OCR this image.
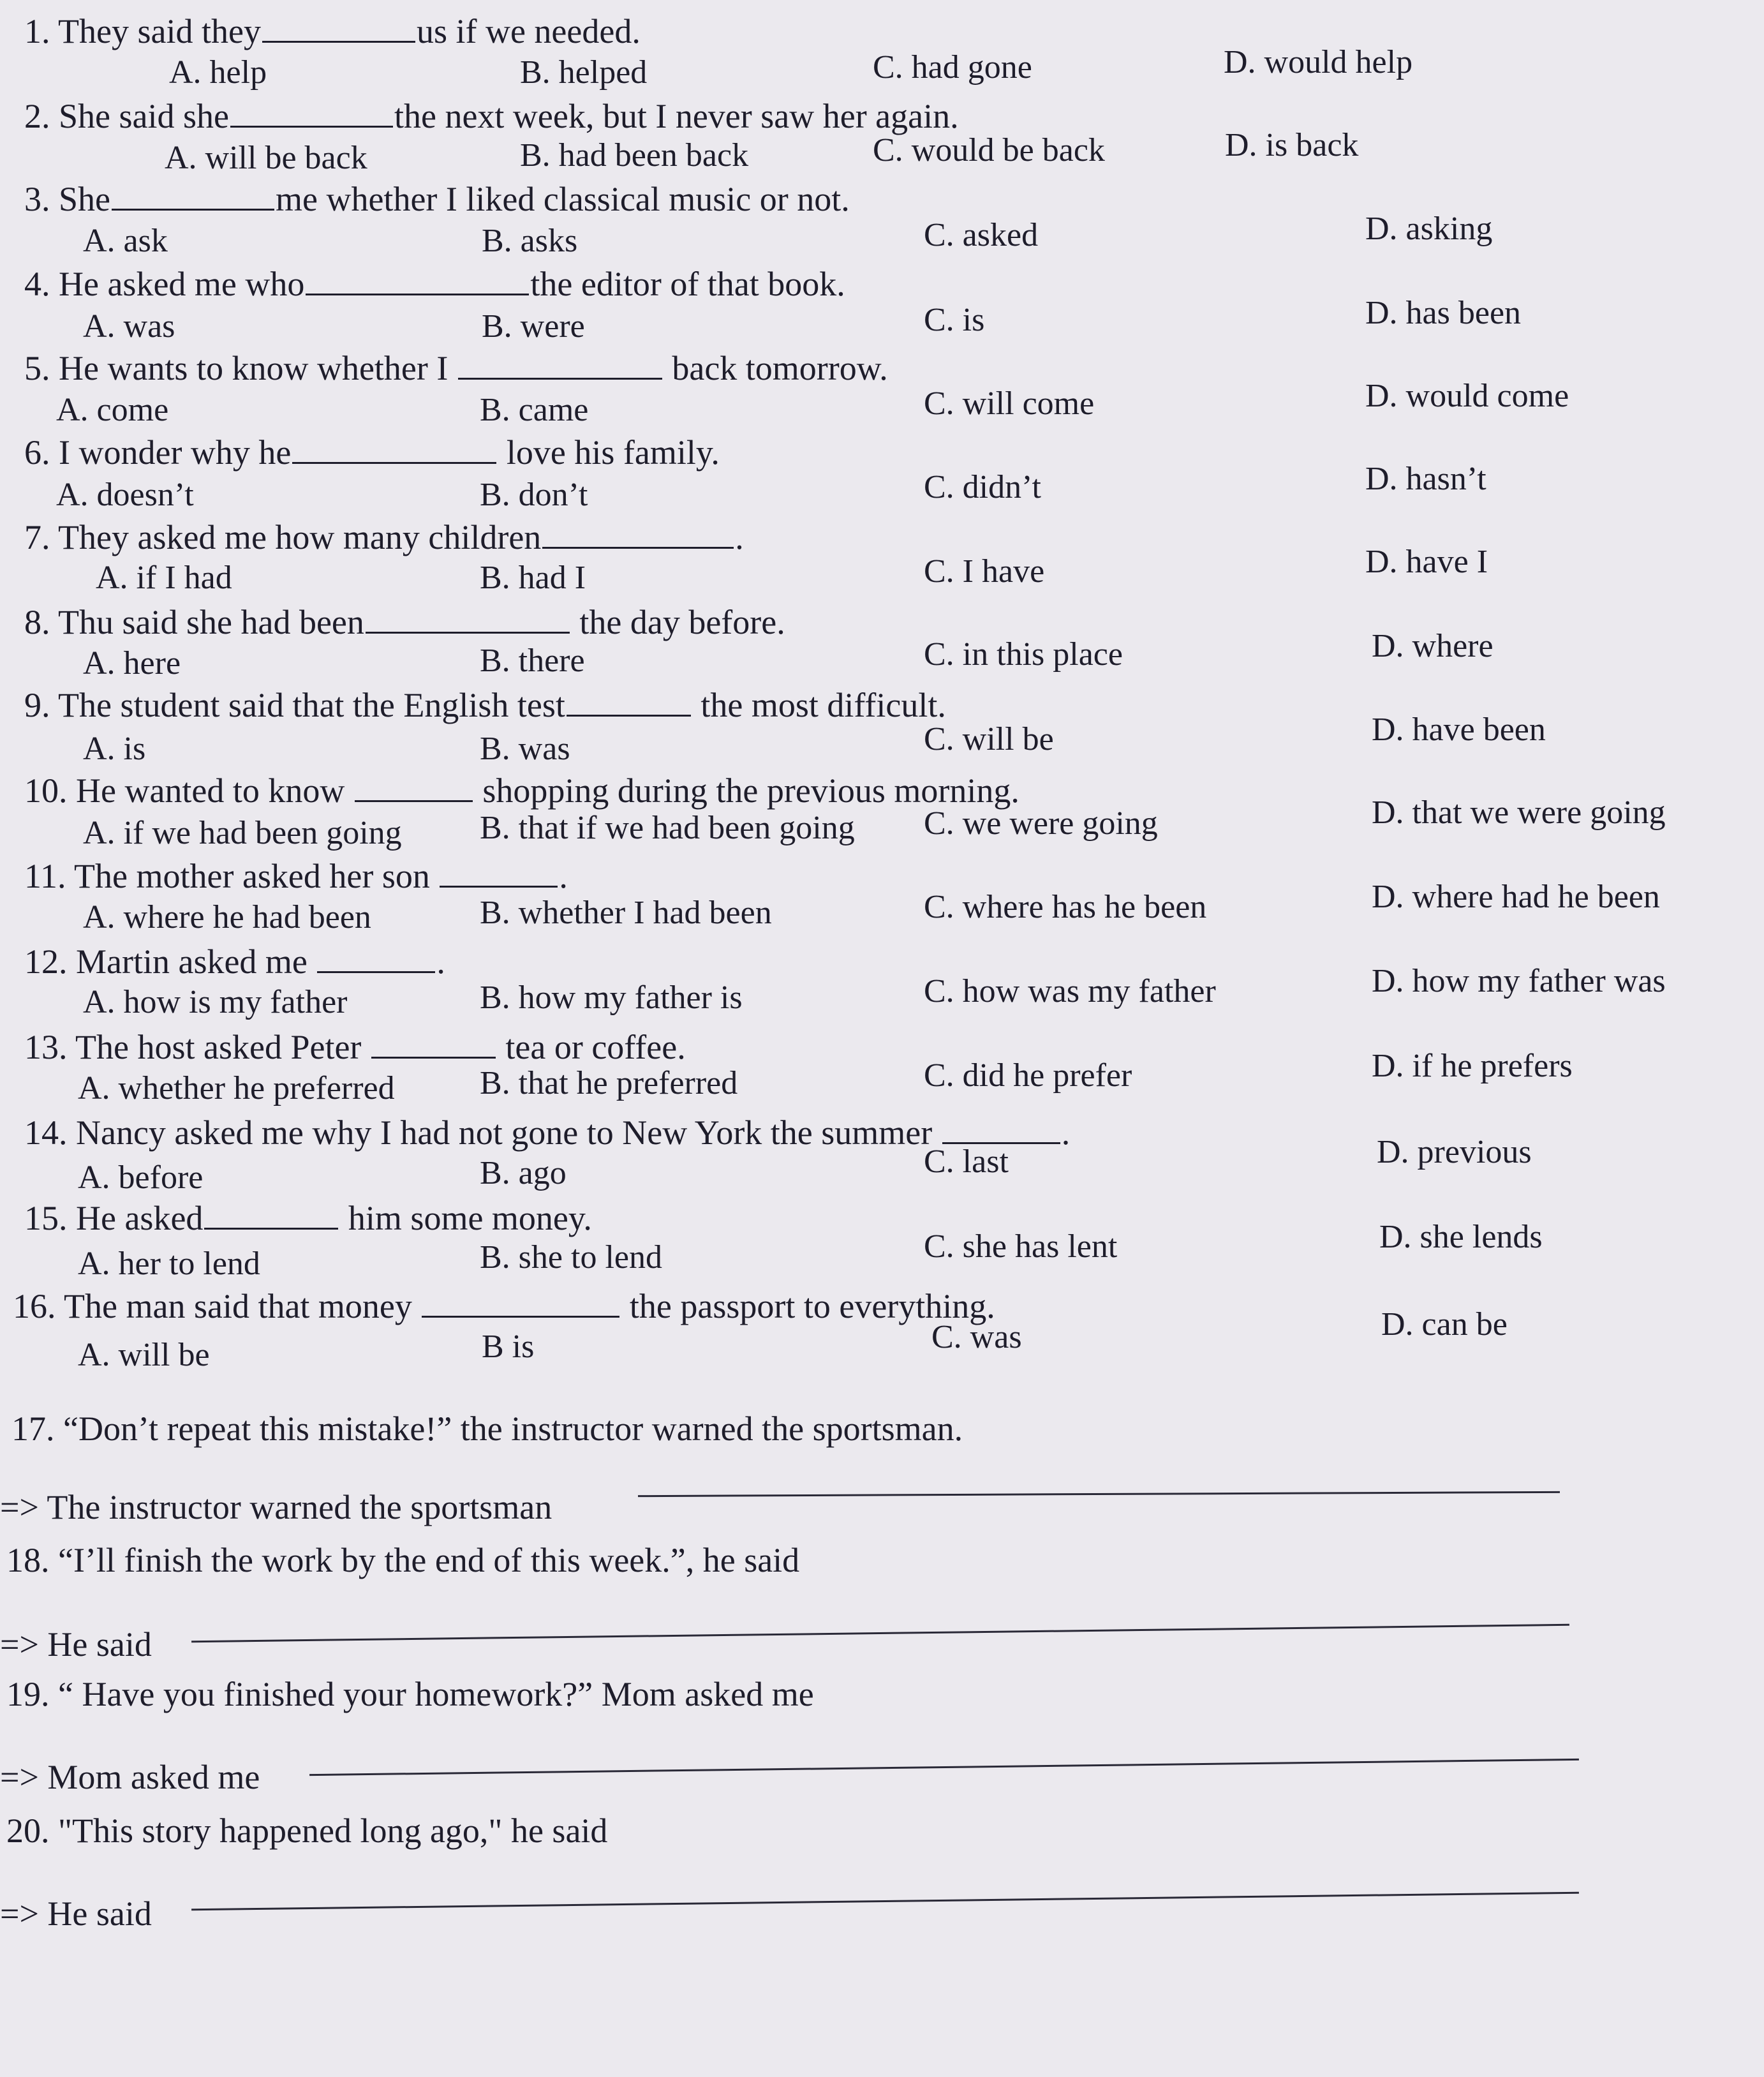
1. They said they	us if we needed.
A. help	B. helped	C. had gone	D. would help
2. She said she	the next week, but I never saw her again.
A. will be back	B. had been back	C. would be back	D. is back
3. She	me whether I liked classical music or not.
A. ask	B. asks	C. asked	D. asking
4. He asked me who	the editor of that book.
A. was	B. were	C. is	D. has been
5. He wants to know whether I	back tomorrow.
A. come	B. came	C. will come	D. would come
6. I wonder why he	love his family.
A. doesn’t	B. don’t	C. didn’t	D. hasn’t
7. They asked me how many children	.
A. if I had	B. had I	C. I have	D. have I
8. Thu said she had been	the day before.
A. here	B. there	C. in this place	D. where
9. The student said that the English test	the most difficult.
A. is	B. was	C. will be	D. have been
10. He wanted to know	shopping during the previous morning.
A. if we had been going B. that if we had been going C. we were going	D. that we were going
11. The mother asked her son	.
A. where he had been	B. whether I had been	C. where has he been	D. where had he been
12. Martin asked me	.
A. how is my father	B. how my father is	C. how was my father	D. how my father was
13. The host asked Peter	tea or coffee.
A. whether he preferred	B. that he preferred	C. did he prefer	D. if he prefers
14. Nancy asked me why I had not gone to New York the summer	.
A. before	B. ago	C. last	D. previous
15. He asked	him some money.
A. her to lend	B. she to lend	C. she has lent	D. she lends
16. The man said that money	the passport to everything.
A. will be	B is	C. was	D. can be
17. “Don’t repeat this mistake!” the instructor warned the sportsman.
=> The instructor warned the sportsman
18. “I’ll finish the work by the end of this week.”, he said
=> He said
19. “ Have you finished your homework?” Mom asked me
=> Mom asked me
20. "This story happened long ago," he said
=> He said
